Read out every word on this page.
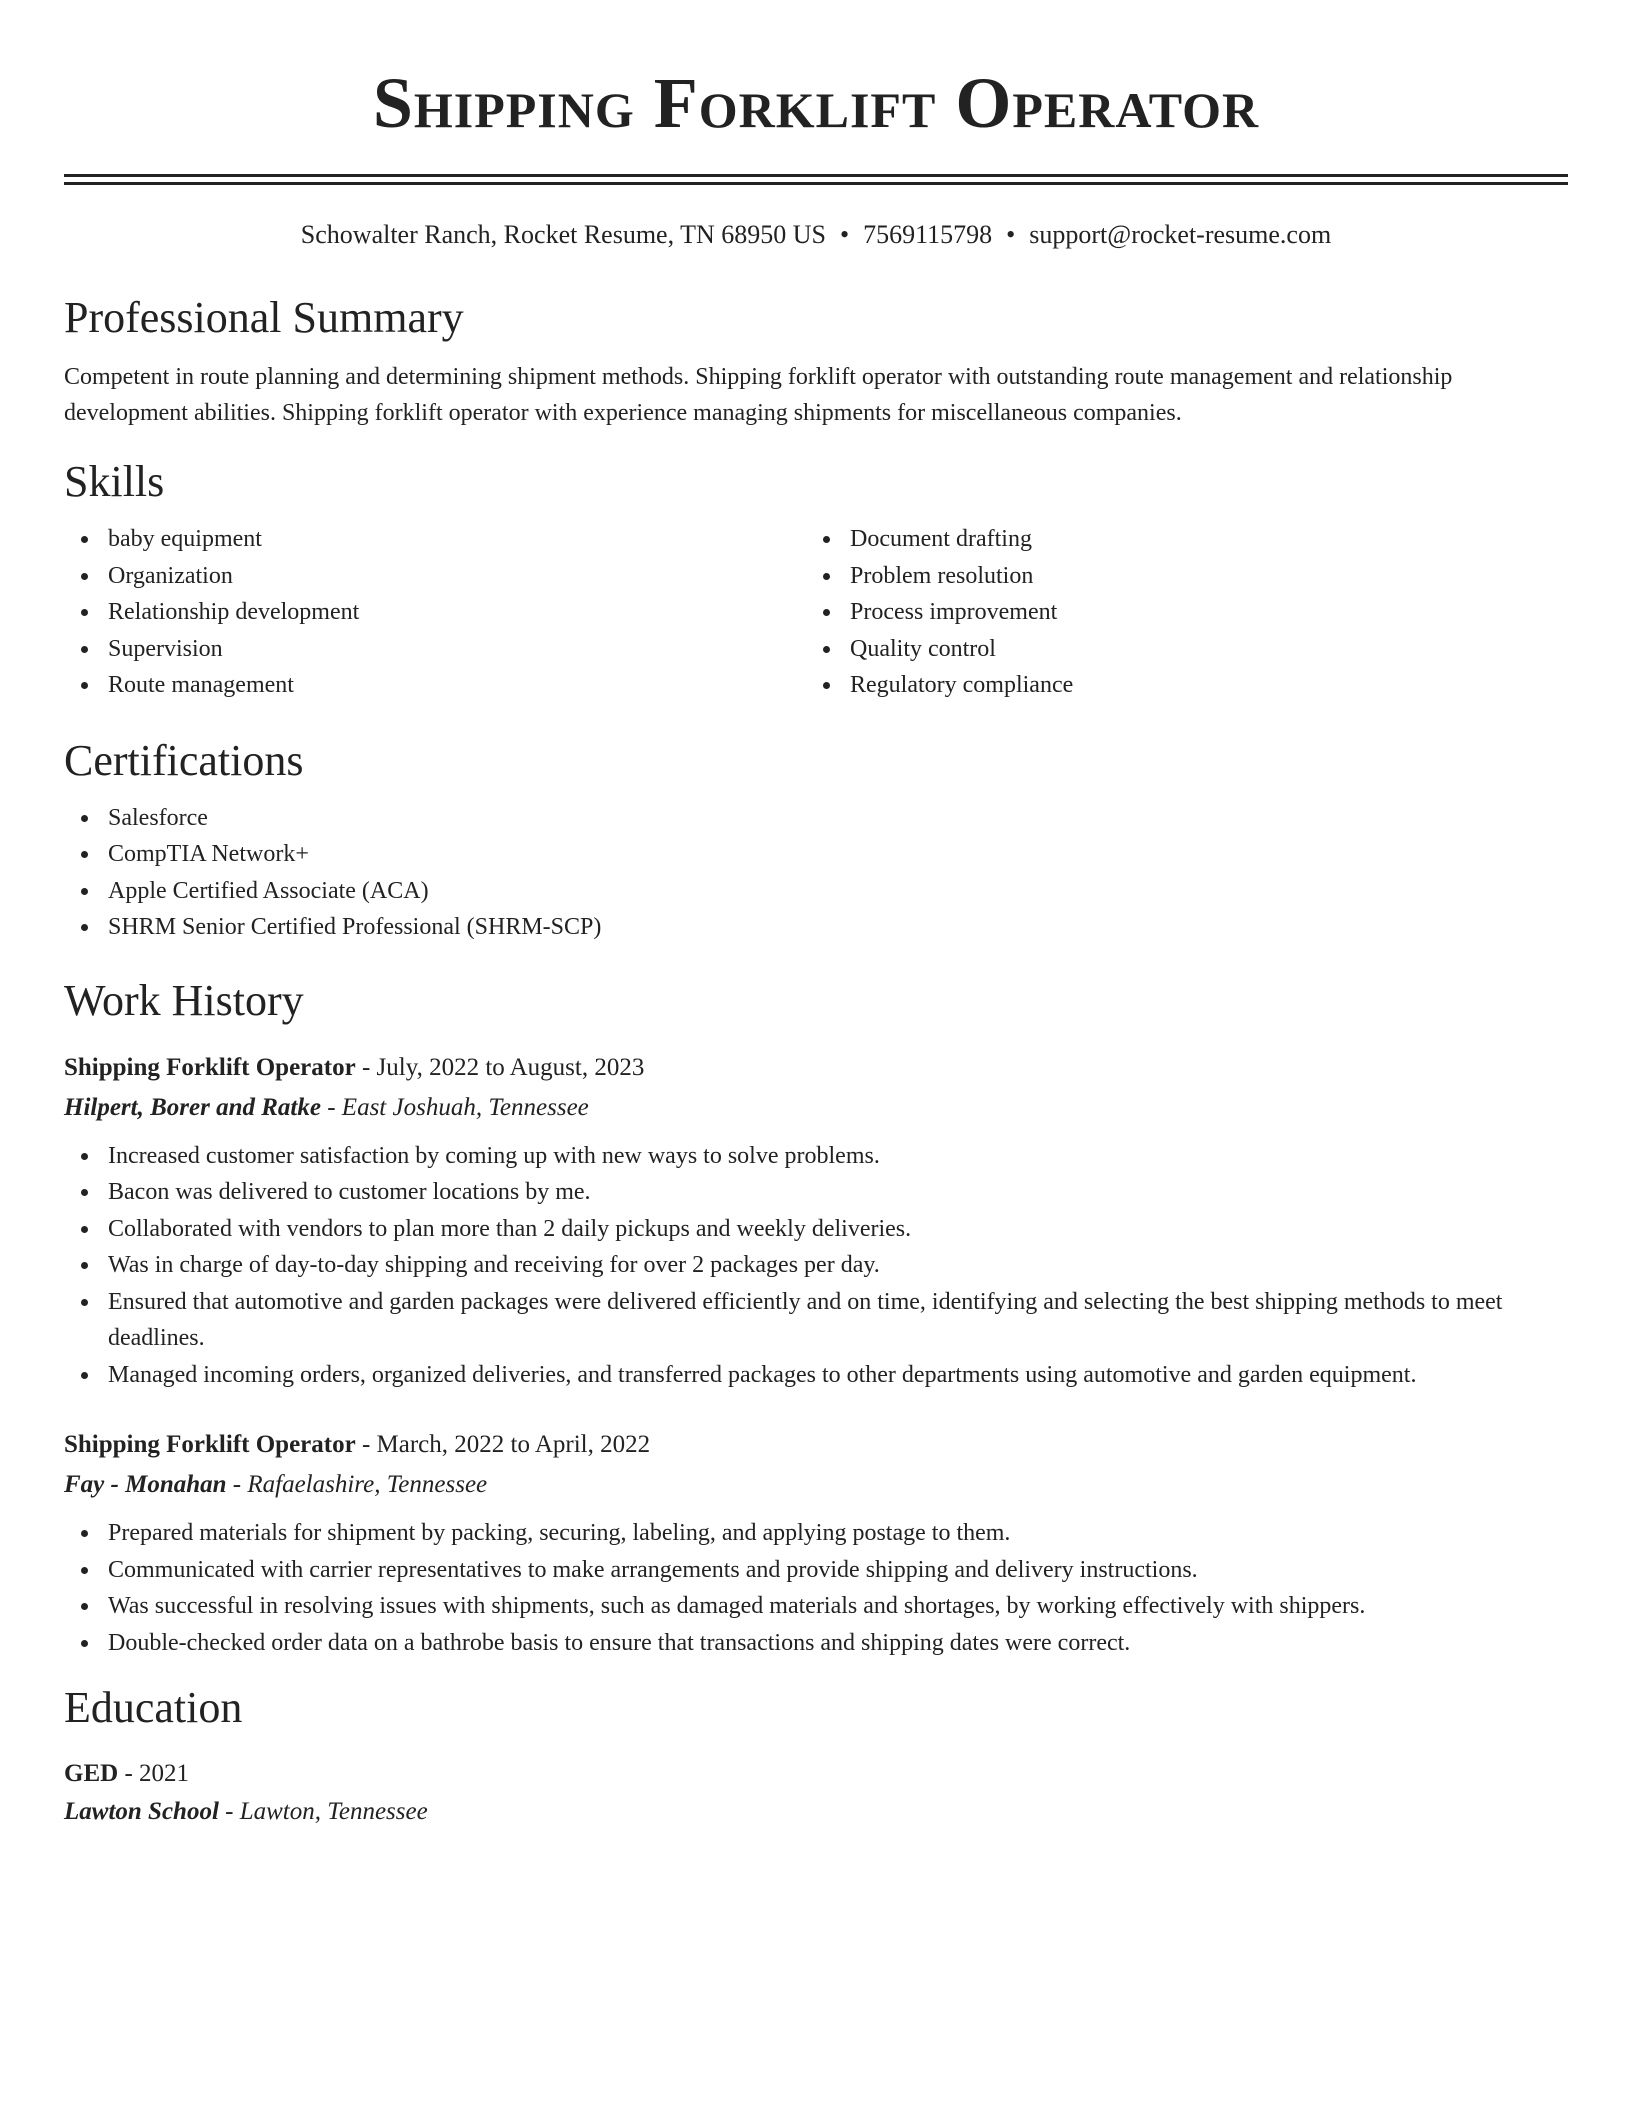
Shipping Forklift Operator
Schowalter Ranch, Rocket Resume, TN 68950 US • 7569115798 • support@rocket-resume.com
Professional Summary

Competent in route planning and determining shipment methods. Shipping forklift operator with outstanding route management and relationship development abilities. Shipping forklift operator with experience managing shipments for miscellaneous companies.

Skills
baby equipment
Organization
Relationship development
Supervision
Route management
Document drafting
Problem resolution
Process improvement
Quality control
Regulatory compliance
Certifications
Salesforce
CompTIA Network+
Apple Certified Associate (ACA)
SHRM Senior Certified Professional (SHRM-SCP)
Work History
Shipping Forklift Operator - July, 2022 to August, 2023
Hilpert, Borer and Ratke - East Joshuah, Tennessee
Increased customer satisfaction by coming up with new ways to solve problems.
Bacon was delivered to customer locations by me.
Collaborated with vendors to plan more than 2 daily pickups and weekly deliveries.
Was in charge of day-to-day shipping and receiving for over 2 packages per day.
Ensured that automotive and garden packages were delivered efficiently and on time, identifying and selecting the best shipping methods to meet deadlines.
Managed incoming orders, organized deliveries, and transferred packages to other departments using automotive and garden equipment.
Shipping Forklift Operator - March, 2022 to April, 2022
Fay - Monahan - Rafaelashire, Tennessee
Prepared materials for shipment by packing, securing, labeling, and applying postage to them.
Communicated with carrier representatives to make arrangements and provide shipping and delivery instructions.
Was successful in resolving issues with shipments, such as damaged materials and shortages, by working effectively with shippers.
Double-checked order data on a bathrobe basis to ensure that transactions and shipping dates were correct.
Education
GED - 2021
Lawton School - Lawton, Tennessee
